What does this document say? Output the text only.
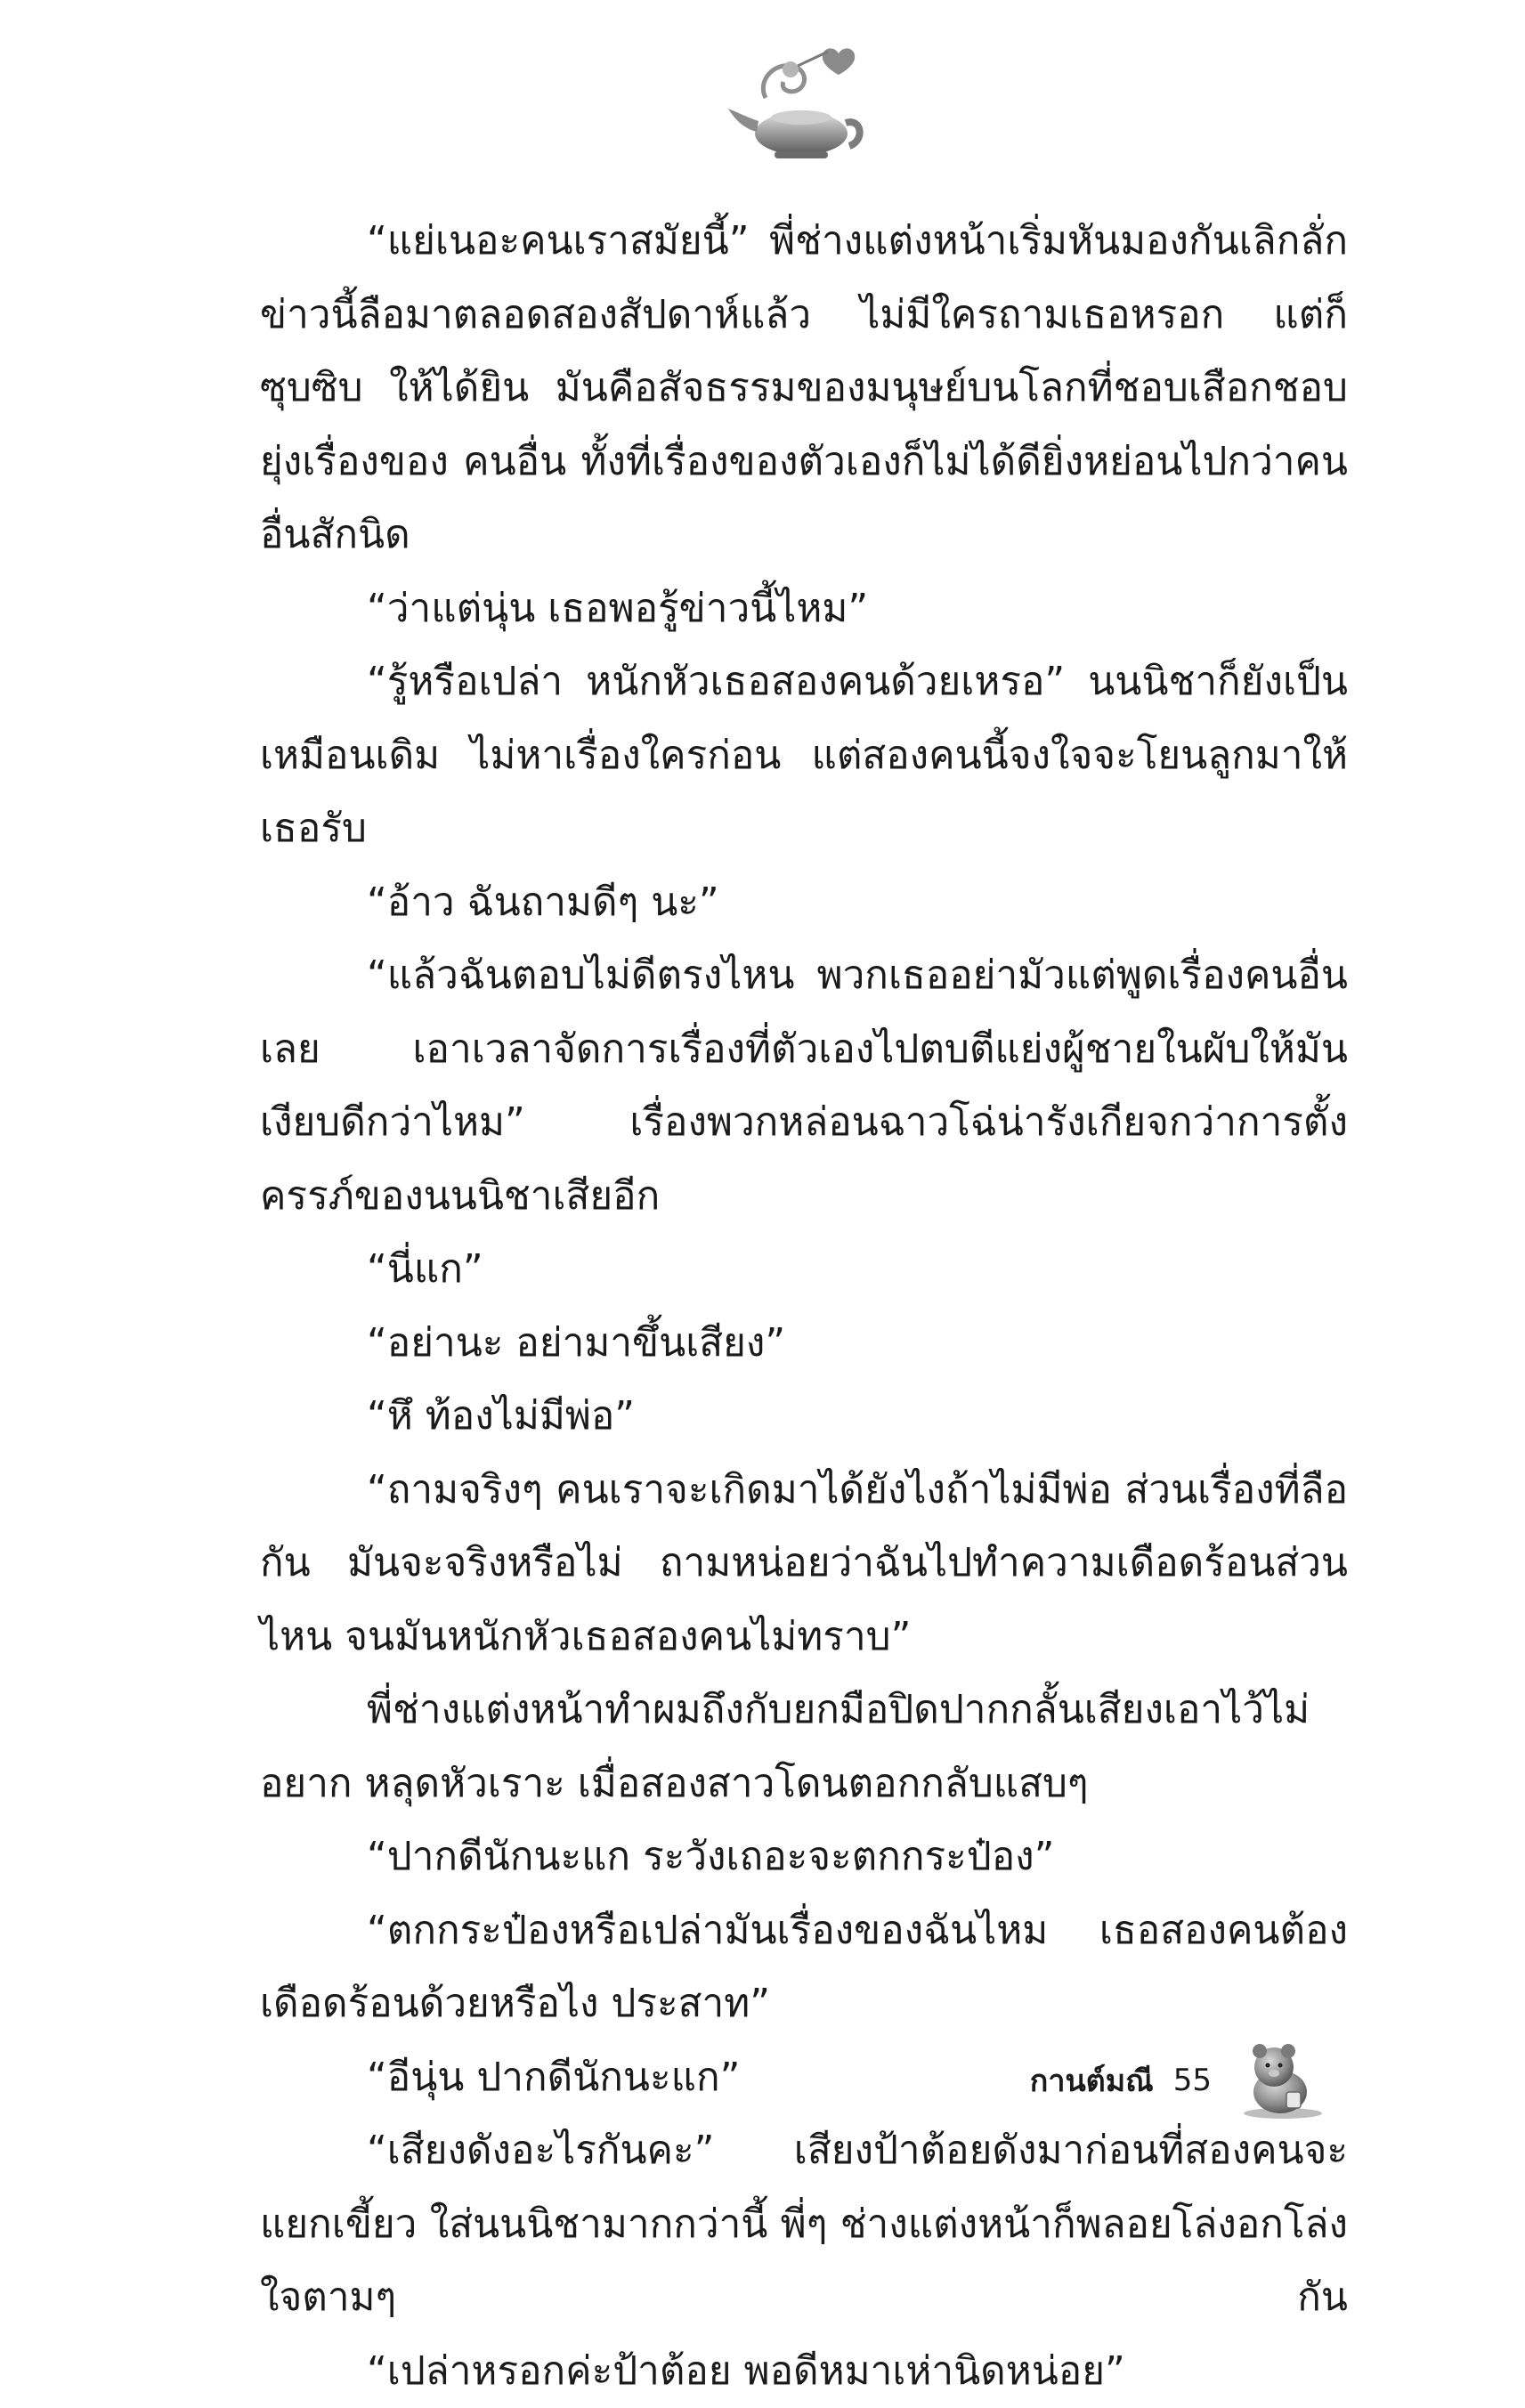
“แย่เนอะคนเราสมัยนี้” พี่ช่างแต่งหน้าเริ่มหันมองกันเลิกลั่ก ข่าวนี้ลือมาตลอดสองสัปดาห์แล้ว ไม่มีใครถามเธอหรอก แต่ก็ซุบซิบ ให้ได้ยิน มันคือสัจธรรมของมนุษย์บนโลกที่ชอบเสือกชอบยุ่งเรื่องของ คนอื่น ทั้งที่เรื่องของตัวเองก็ไม่ได้ดียิ่งหย่อนไปกว่าคนอื่นสักนิด

“ว่าแต่นุ่น เธอพอรู้ข่าวนี้ไหม”

“รู้หรือเปล่า หนักหัวเธอสองคนด้วยเหรอ” นนนิชาก็ยังเป็น เหมือนเดิม ไม่หาเรื่องใครก่อน แต่สองคนนี้จงใจจะโยนลูกมาให้เธอรับ

“อ้าว ฉันถามดีๆ นะ”

“แล้วฉันตอบไม่ดีตรงไหน พวกเธออย่ามัวแต่พูดเรื่องคนอื่นเลย เอาเวลาจัดการเรื่องที่ตัวเองไปตบตีแย่งผู้ชายในผับให้มันเงียบดีกว่าไหม” เรื่องพวกหล่อนฉาวโฉ่น่ารังเกียจกว่าการตั้งครรภ์ของนนนิชาเสียอีก

“นี่แก”

“อย่านะ อย่ามาขึ้นเสียง”

“หึ ท้องไม่มีพ่อ”

“ถามจริงๆ คนเราจะเกิดมาได้ยังไงถ้าไม่มีพ่อ ส่วนเรื่องที่ลือกัน มันจะจริงหรือไม่ ถามหน่อยว่าฉันไปทำความเดือดร้อนส่วนไหน จนมันหนักหัวเธอสองคนไม่ทราบ”

พี่ช่างแต่งหน้าทำผมถึงกับยกมือปิดปากกลั้นเสียงเอาไว้ไม่อยาก หลุดหัวเราะ เมื่อสองสาวโดนตอกกลับแสบๆ

“ปากดีนักนะแก ระวังเถอะจะตกกระป๋อง”

“ตกกระป๋องหรือเปล่ามันเรื่องของฉันไหม เธอสองคนต้อง เดือดร้อนด้วยหรือไง ประสาท”

“อีนุ่น ปากดีนักนะแก”

“เสียงดังอะไรกันคะ” เสียงป้าต้อยดังมาก่อนที่สองคนจะแยกเขี้ยว ใส่นนนิชามากกว่านี้ พี่ๆ ช่างแต่งหน้าก็พลอยโล่งอกโล่งใจตามๆ กัน

“เปล่าหรอกค่ะป้าต้อย พอดีหมาเห่านิดหน่อย”

กานต์มณี 55
